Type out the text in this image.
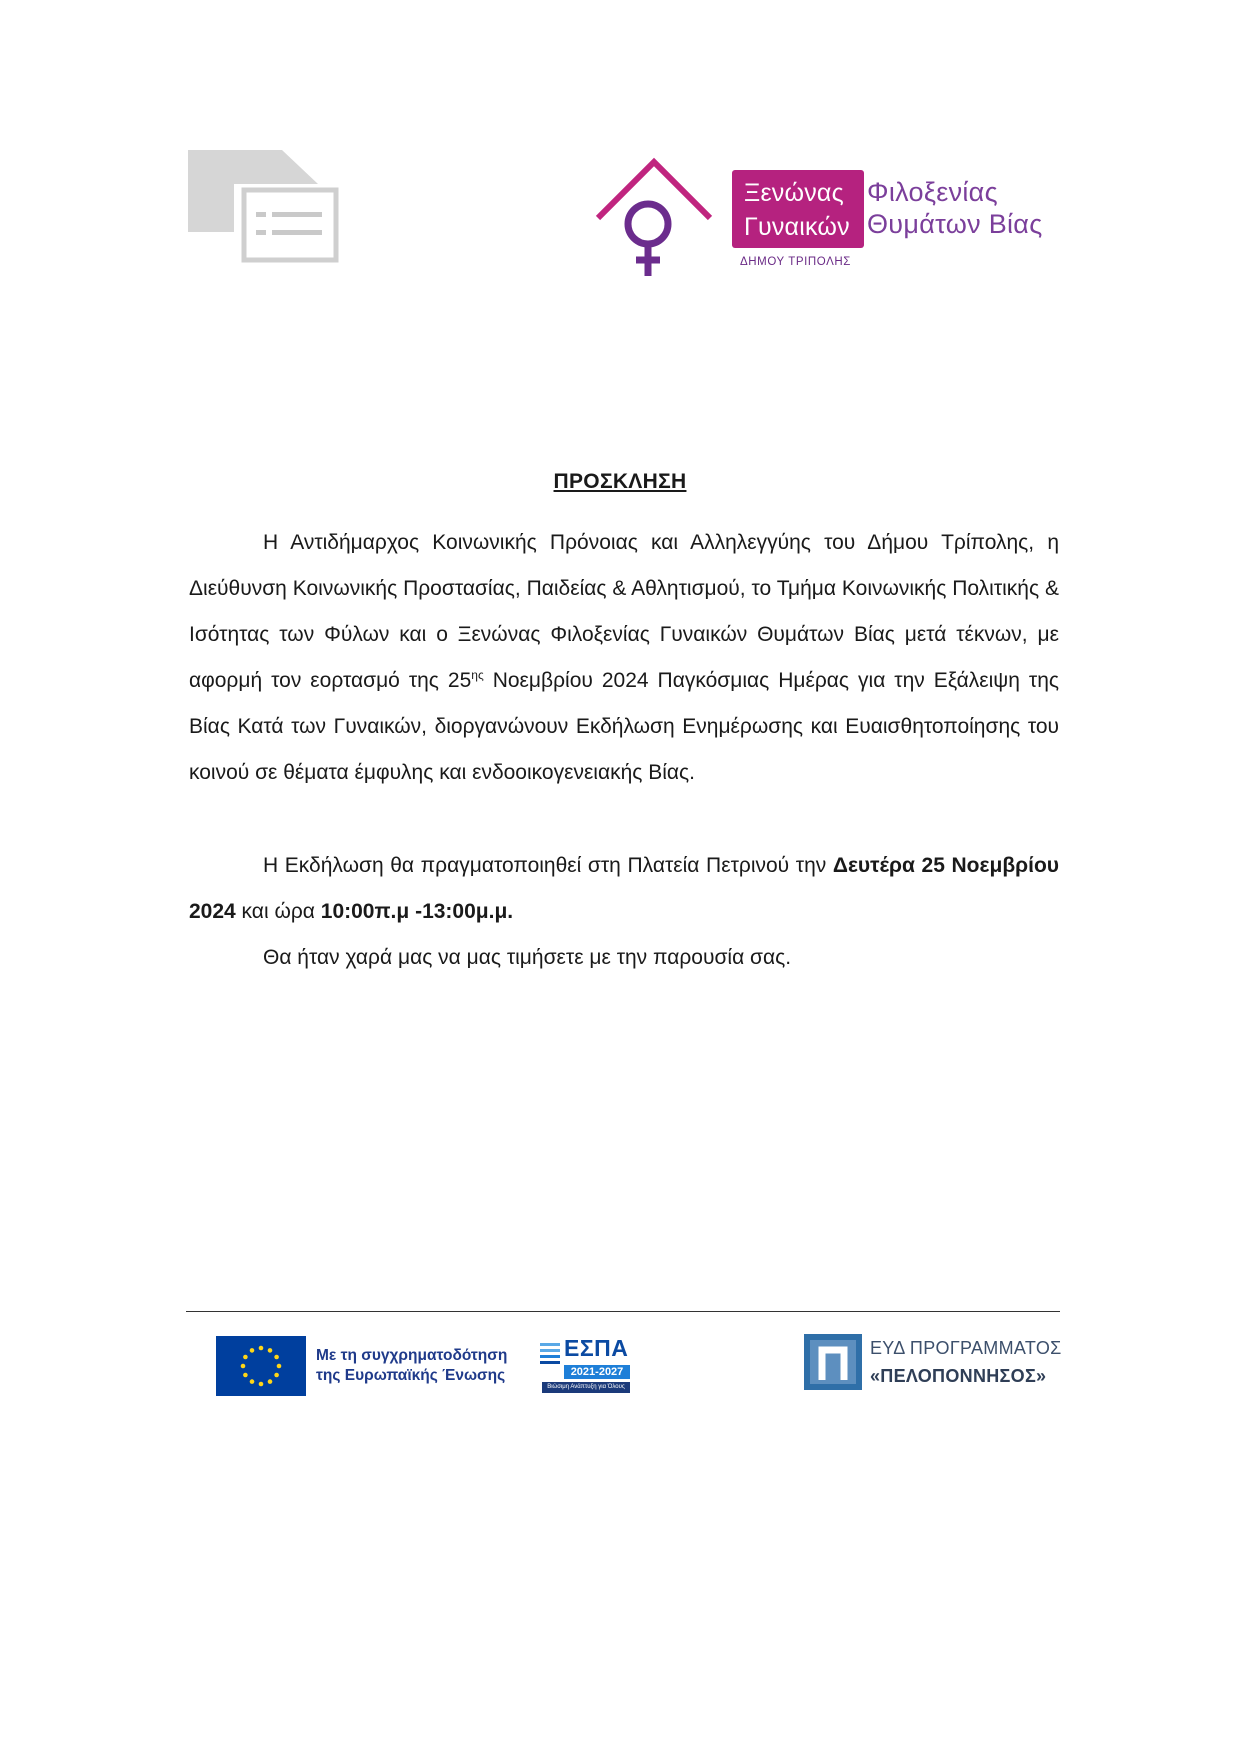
Ξενώνας
Γυναικών
Φιλοξενίας
Θυμάτων Βίας
ΔΗΜΟΥ ΤΡΙΠΟΛΗΣ
ΠΡΟΣΚΛΗΣΗ
Η Αντιδήμαρχος Κοινωνικής Πρόνοιας και Αλληλεγγύης του Δήμου Τρίπολης, η Διεύθυνση Κοινωνικής Προστασίας, Παιδείας & Αθλητισμού, το Τμήμα Κοινωνικής Πολιτικής & Ισότητας των Φύλων και ο Ξενώνας Φιλοξενίας Γυναικών Θυμάτων Βίας μετά τέκνων, με αφορμή τον εορτασμό της $25^{\eta\varsigma}$ Νοεμβρίου 2024 Παγκόσμιας Ημέρας για την Εξάλειψη της Βίας Κατά των Γυναικών, διοργανώνουν Εκδήλωση Ενημέρωσης και Ευαισθητοποίησης του κοινού σε θέματα έμφυλης και ενδοοικογενειακής Βίας.
Η Εκδήλωση θα πραγματοποιηθεί στη Πλατεία Πετρινού την Δευτέρα 25 Νοεμβρίου 2024 και ώρα 10:00π.μ -13:00μ.μ.
Θα ήταν χαρά μας να μας τιμήσετε με την παρουσία σας.
Με τη συγχρηματοδότηση
της Ευρωπαϊκής Ένωσης
ΕΣΠΑ
2021-2027
Βιώσιμη Ανάπτυξη για Όλους
ΕΥΔ ΠΡΟΓΡΑΜΜΑΤΟΣ
«ΠΕΛΟΠΟΝΝΗΣΟΣ»
